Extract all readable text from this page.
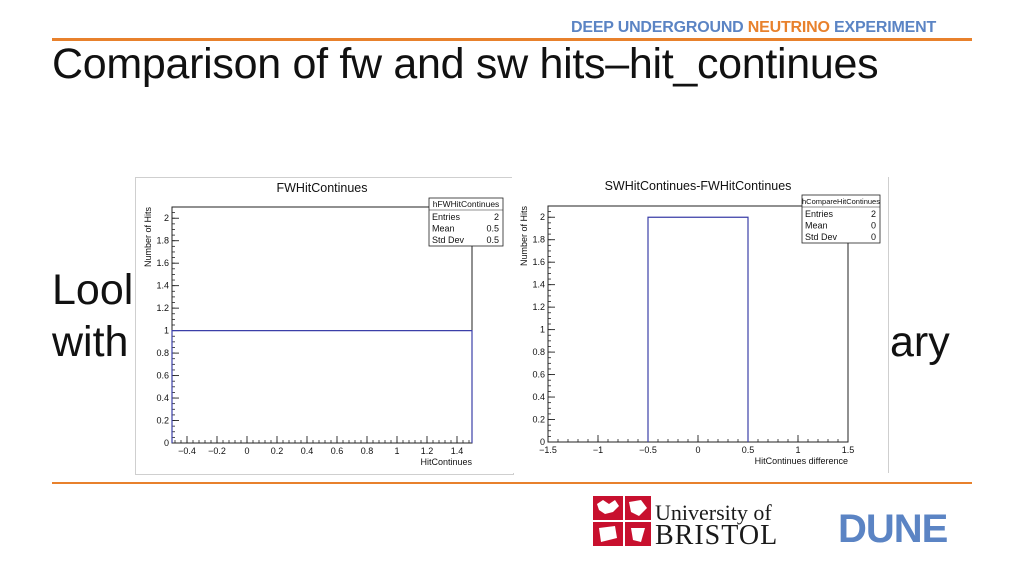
DEEP UNDERGROUND NEUTRINO EXPERIMENT
Comparison of fw and sw hits–hit_continues
Lool
with	ary
FWHitContinues
−0.4 −0.2 0 0.2 0.4 0.6 0.8 1 1.2 1.4
0
0.2
0.4
0.6
0.8
1
1.2
1.4
1.6
1.8
2
HitContinues
Number of Hits
hFWHitContinues
Entries	2
Mean	0.5
Std Dev 0.5
SWHitContinues-FWHitContinues
−1.5	−1	−0.5	0	0.5	1	1.5
0
0.2
0.4
0.6
0.8
1
1.2
1.4
1.6
1.8
2
HitContinues difference
Number of Hits
hCompareHitContinues
Entries	2
Mean	0
Std Dev	0
University of
BRISTOL DUNE
